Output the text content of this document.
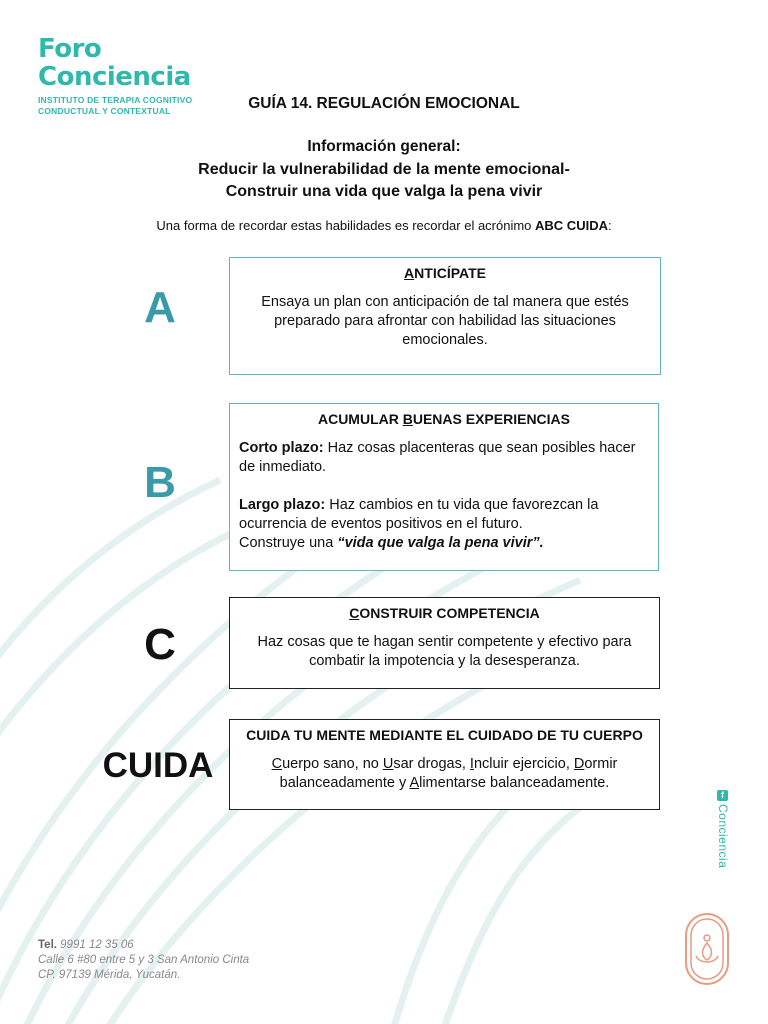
Foro
Conciencia
INSTITUTO DE TERAPIA COGNITIVO
CONDUCTUAL Y CONTEXTUAL	GUÍA 14. REGULACIÓN EMOCIONAL
Información general:
Reducir la vulnerabilidad de la mente emocional-
Construir una vida que valga la pena vivir
Una forma de recordar estas habilidades es recordar el acrónimo ABC CUIDA:
A
ANTICÍPATE
Ensaya un plan con anticipación de tal manera que estés preparado para afrontar con habilidad las situaciones emocionales.
B
ACUMULAR BUENAS EXPERIENCIAS
Corto plazo: Haz cosas placenteras que sean posibles hacer de inmediato.
Largo plazo: Haz cambios en tu vida que favorezcan la ocurrencia de eventos positivos en el futuro.
Construye una “vida que valga la pena vivir”.
C
CONSTRUIR COMPETENCIA
Haz cosas que te hagan sentir competente y efectivo para combatir la impotencia y la desesperanza.
CUIDA
CUIDA TU MENTE MEDIANTE EL CUIDADO DE TU CUERPO
Cuerpo sano, no Usar drogas, Incluir ejercicio, Dormir balanceadamente y Alimentarse balanceadamente.
f
Conciencia
Tel. 9991 12 35 06
Calle 6 #80 entre 5 y 3 San Antonio Cinta
CP. 97139 Mérida, Yucatán.
